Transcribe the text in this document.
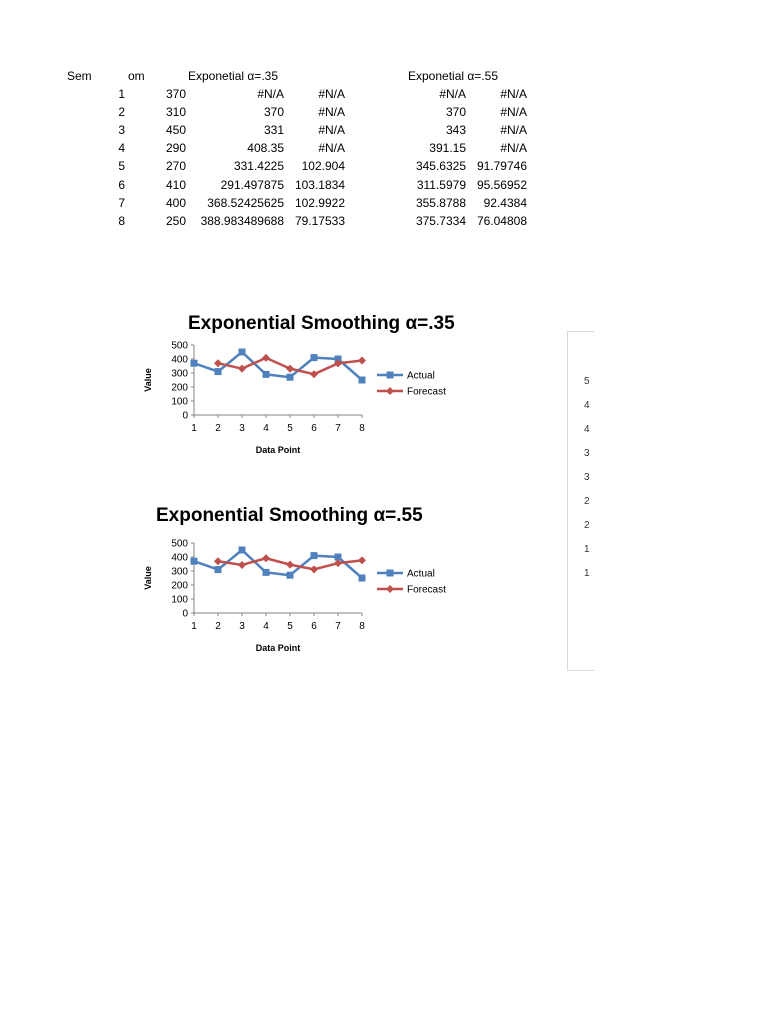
Sem	om	Exponetial α=.35	Exponetial α=.55
1	370	#N/A	#N/A	#N/A	#N/A
2	310	370	#N/A	370	#N/A
3	450	331	#N/A	343	#N/A
4	290	408.35	#N/A	391.15	#N/A
5	270	331.4225	102.904	345.6325 91.79746
6	410	291.497875 103.1834	311.5979 95.56952
7	400	368.52425625 102.9922	355.8788	92.4384
8	250	388.983489688 79.17533	375.7334 76.04808
Exponential Smoothing α=.35
0
100
200
300
400
500
1 2 3 4 5 6 7 8
Data Point
Value	Actual
Forecast
Exponential Smoothing α=.55
0
100
200
300
400
500
1 2 3 4 5 6 7 8
Data Point
Value	Actual
Forecast
5
4
4
3
3
2
2
1
1
